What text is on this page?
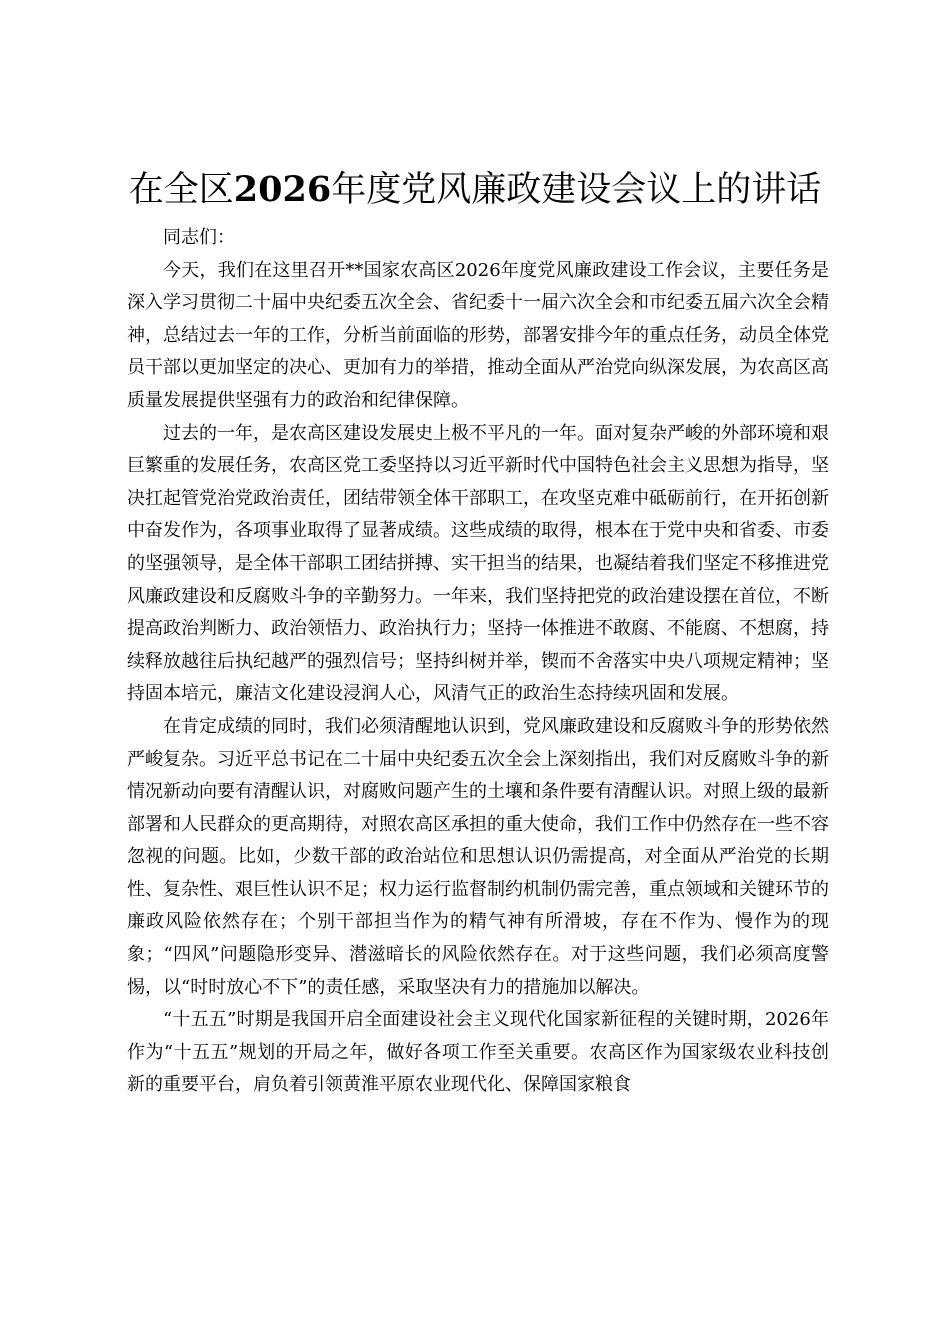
在全区2026年度党风廉政建设会议上的讲话

同志们：

今天，我们在这里召开**国家农高区2026年度党风廉政建设工作会议，主要任务是深入学习贯彻二十届中央纪委五次全会、省纪委十一届六次全会和市纪委五届六次全会精神，总结过去一年的工作，分析当前面临的形势，部署安排今年的重点任务，动员全体党员干部以更加坚定的决心、更加有力的举措，推动全面从严治党向纵深发展，为农高区高质量发展提供坚强有力的政治和纪律保障。

过去的一年，是农高区建设发展史上极不平凡的一年。面对复杂严峻的外部环境和艰巨繁重的发展任务，农高区党工委坚持以习近平新时代中国特色社会主义思想为指导，坚决扛起管党治党政治责任，团结带领全体干部职工，在攻坚克难中砥砺前行，在开拓创新中奋发作为，各项事业取得了显著成绩。这些成绩的取得，根本在于党中央和省委、市委的坚强领导，是全体干部职工团结拼搏、实干担当的结果，也凝结着我们坚定不移推进党风廉政建设和反腐败斗争的辛勤努力。一年来，我们坚持把党的政治建设摆在首位，不断提高政治判断力、政治领悟力、政治执行力；坚持一体推进不敢腐、不能腐、不想腐，持续释放越往后执纪越严的强烈信号；坚持纠树并举，锲而不舍落实中央八项规定精神；坚持固本培元，廉洁文化建设浸润人心，风清气正的政治生态持续巩固和发展。

在肯定成绩的同时，我们必须清醒地认识到，党风廉政建设和反腐败斗争的形势依然严峻复杂。习近平总书记在二十届中央纪委五次全会上深刻指出，我们对反腐败斗争的新情况新动向要有清醒认识，对腐败问题产生的土壤和条件要有清醒认识。对照上级的最新部署和人民群众的更高期待，对照农高区承担的重大使命，我们工作中仍然存在一些不容忽视的问题。比如，少数干部的政治站位和思想认识仍需提高，对全面从严治党的长期性、复杂性、艰巨性认识不足；权力运行监督制约机制仍需完善，重点领域和关键环节的廉政风险依然存在；个别干部担当作为的精气神有所滑坡，存在不作为、慢作为的现象；“四风”问题隐形变异、潜滋暗长的风险依然存在。对于这些问题，我们必须高度警惕，以“时时放心不下”的责任感，采取坚决有力的措施加以解决。

“十五五”时期是我国开启全面建设社会主义现代化国家新征程的关键时期，2026年作为“十五五”规划的开局之年，做好各项工作至关重要。农高区作为国家级农业科技创新的重要平台，肩负着引领黄淮平原农业现代化、保障国家粮食
